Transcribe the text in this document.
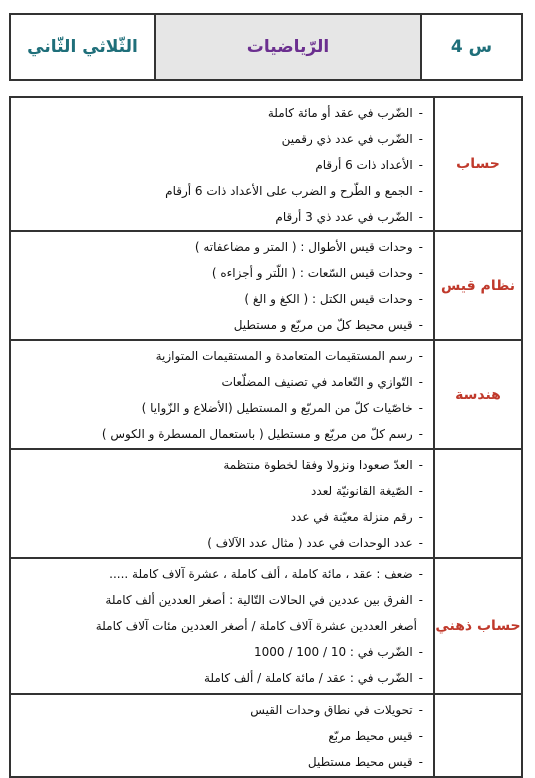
الثّلاثي الثّاني	الرّياضيات	س 4
-
الضّرب في عقد أو مائة كاملة
-
الضّرب في عدد ذي رقمين
-
الأعداد ذات 6 أرقام
-
الجمع و الطّرح و الضرب على الأعداد ذات 6 أرقام
-
الضّرب في عدد ذي 3 أرقام
حساب
-
وحدات قيس الأطوال : ( المتر و مضاعفاته )
-
وحدات قيس السّعات : ( اللّتر و أجزاءه )
-
وحدات قيس الكتل : ( الكغ و الغ )
-
قيس محيط كلّ من مربّع و مستطيل
نظام قيس
-
رسم المستقيمات المتعامدة و المستقيمات المتوازية
-
التّوازي و التّعامد في تصنيف المضلّعات
-
خاصّيات كلّ من المربّع و المستطيل (الأضلاع و الزّوايا )
-
رسم كلّ من مربّع و مستطيل ( باستعمال المسطرة و الكوس )
هندسة
-
العدّ صعودا ونزولا وفقا لخطوة منتظمة
-
الصّيغة القانونيّة لعدد
-
رقم منزلة معيّنة في عدد
-
عدد الوحدات في عدد ( مثال عدد الآلاف )
-
ضعف : عقد ، مائة كاملة ، ألف كاملة ، عشرة آلاف كاملة .....
-
الفرق بين عددين في الحالات التّالية : أصغر العددين ألف كاملة
أصغر العددين عشرة آلاف كاملة / أصغر العددين مئات آلاف كاملة
-
الضّرب في : 10 / 100 / 1000
-
الضّرب في : عقد / مائة كاملة / ألف كاملة
حساب ذهني
-
تحويلات في نطاق وحدات القيس
-
قيس محيط مربّع
-
قيس محيط مستطيل
